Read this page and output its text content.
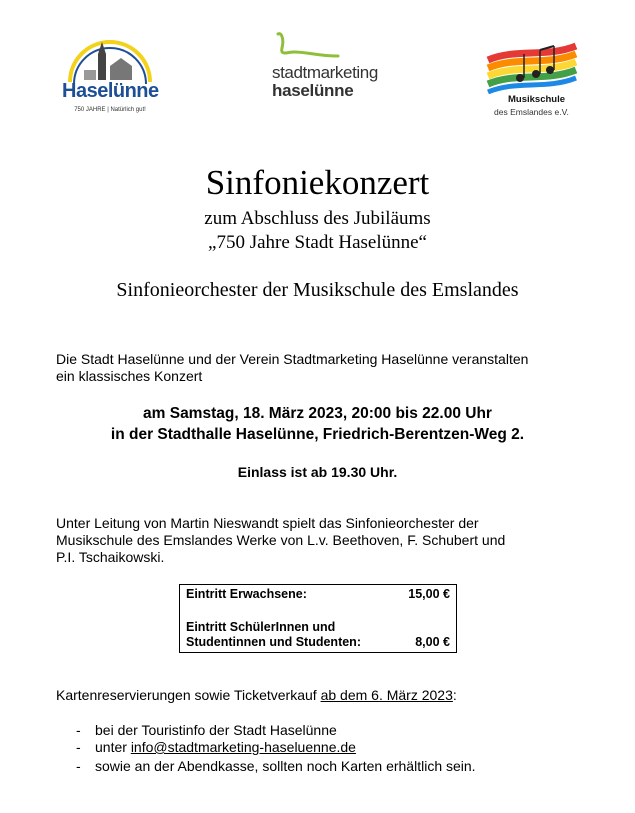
Haselünne
750 JAHRE | Natürlich gut!
stadtmarketing
haselünne	Musikschule
des Emslandes e.V.
Sinfoniekonzert
zum Abschluss des Jubiläums
„750 Jahre Stadt Haselünne“
Sinfonieorchester der Musikschule des Emslandes
Die Stadt Haselünne und der Verein Stadtmarketing Haselünne veranstalten
ein klassisches Konzert
am Samstag, 18. März 2023, 20:00 bis 22.00 Uhr
in der Stadthalle Haselünne, Friedrich-Berentzen-Weg 2.
Einlass ist ab 19.30 Uhr.
Unter Leitung von Martin Nieswandt spielt das Sinfonieorchester der
Musikschule des Emslandes Werke von L.v. Beethoven, F. Schubert und
P.I. Tschaikowski.
Eintritt Erwachsene:	15,00 €
Eintritt SchülerInnen und
Studentinnen und Studenten:	8,00 €
Kartenreservierungen sowie Ticketverkauf ab dem 6. März 2023:
- bei der Touristinfo der Stadt Haselünne
- unter info@stadtmarketing-haseluenne.de
- sowie an der Abendkasse, sollten noch Karten erhältlich sein.
